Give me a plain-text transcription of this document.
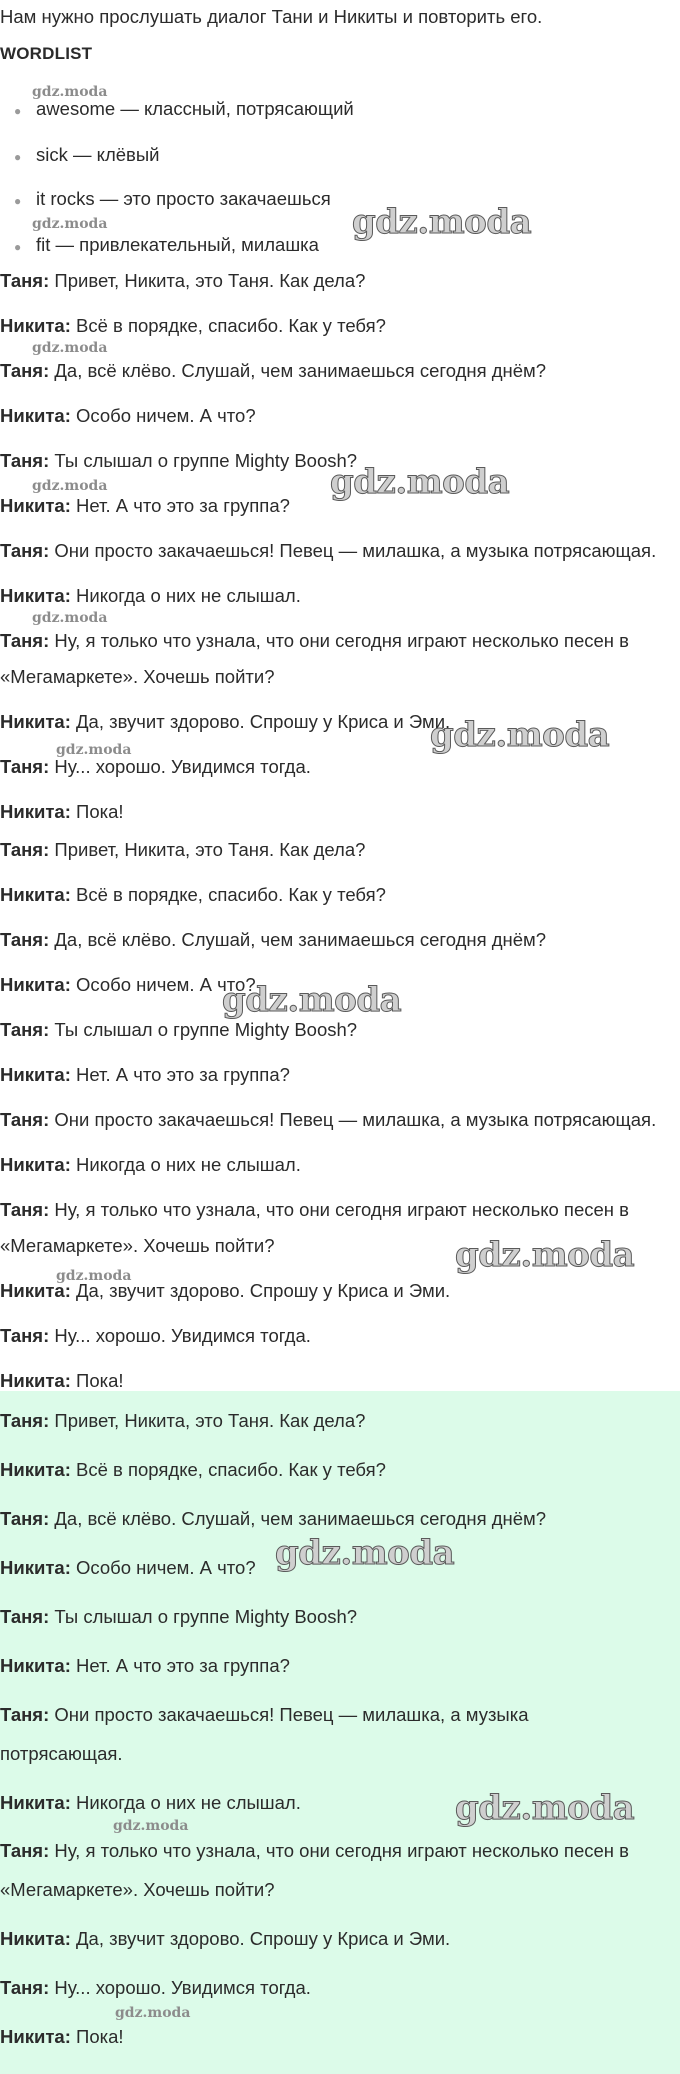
Нам нужно прослушать диалог Тани и Никиты и повторить его.
WORDLIST
● awesome — классный, потрясающий
● sick — клёвый
● it rocks — это просто закачаешься
● fit — привлекательный, милашка
Таня: Привет, Никита, это Таня. Как дела?
Никита: Всё в порядке, спасибо. Как у тебя?
Таня: Да, всё клёво. Слушай, чем занимаешься сегодня днём?
Никита: Особо ничем. А что?
Таня: Ты слышал о группе Mighty Boosh?
Никита: Нет. А что это за группа?
Таня: Они просто закачаешься! Певец — милашка, а музыка потрясающая.
Никита: Никогда о них не слышал.
Таня: Ну, я только что узнала, что они сегодня играют несколько песен в
«Мегамаркете». Хочешь пойти?
Никита: Да, звучит здорово. Спрошу у Криса и Эми.
Таня: Ну... хорошо. Увидимся тогда.
Никита: Пока!
Таня: Привет, Никита, это Таня. Как дела?
Никита: Всё в порядке, спасибо. Как у тебя?
Таня: Да, всё клёво. Слушай, чем занимаешься сегодня днём?
Никита: Особо ничем. А что?
Таня: Ты слышал о группе Mighty Boosh?
Никита: Нет. А что это за группа?
Таня: Они просто закачаешься! Певец — милашка, а музыка потрясающая.
Никита: Никогда о них не слышал.
Таня: Ну, я только что узнала, что они сегодня играют несколько песен в
«Мегамаркете». Хочешь пойти?
Никита: Да, звучит здорово. Спрошу у Криса и Эми.
Таня: Ну... хорошо. Увидимся тогда.
Никита: Пока!
Таня: Привет, Никита, это Таня. Как дела?
Никита: Всё в порядке, спасибо. Как у тебя?
Таня: Да, всё клёво. Слушай, чем занимаешься сегодня днём?
Никита: Особо ничем. А что?
Таня: Ты слышал о группе Mighty Boosh?
Никита: Нет. А что это за группа?
Таня: Они просто закачаешься! Певец — милашка, а музыка
потрясающая.
Никита: Никогда о них не слышал.
Таня: Ну, я только что узнала, что они сегодня играют несколько песен в
«Мегамаркете». Хочешь пойти?
Никита: Да, звучит здорово. Спрошу у Криса и Эми.
Таня: Ну... хорошо. Увидимся тогда.
Никита: Пока!
gdz.moda
gdz.moda	gdz.moda
gdz.moda
gdz.moda	gdz.moda
gdz.moda
gdz.moda
gdz.moda
gdz.moda
gdz.moda
gdz.moda
gdz.moda
gdz.moda
gdz.moda
gdz.moda
